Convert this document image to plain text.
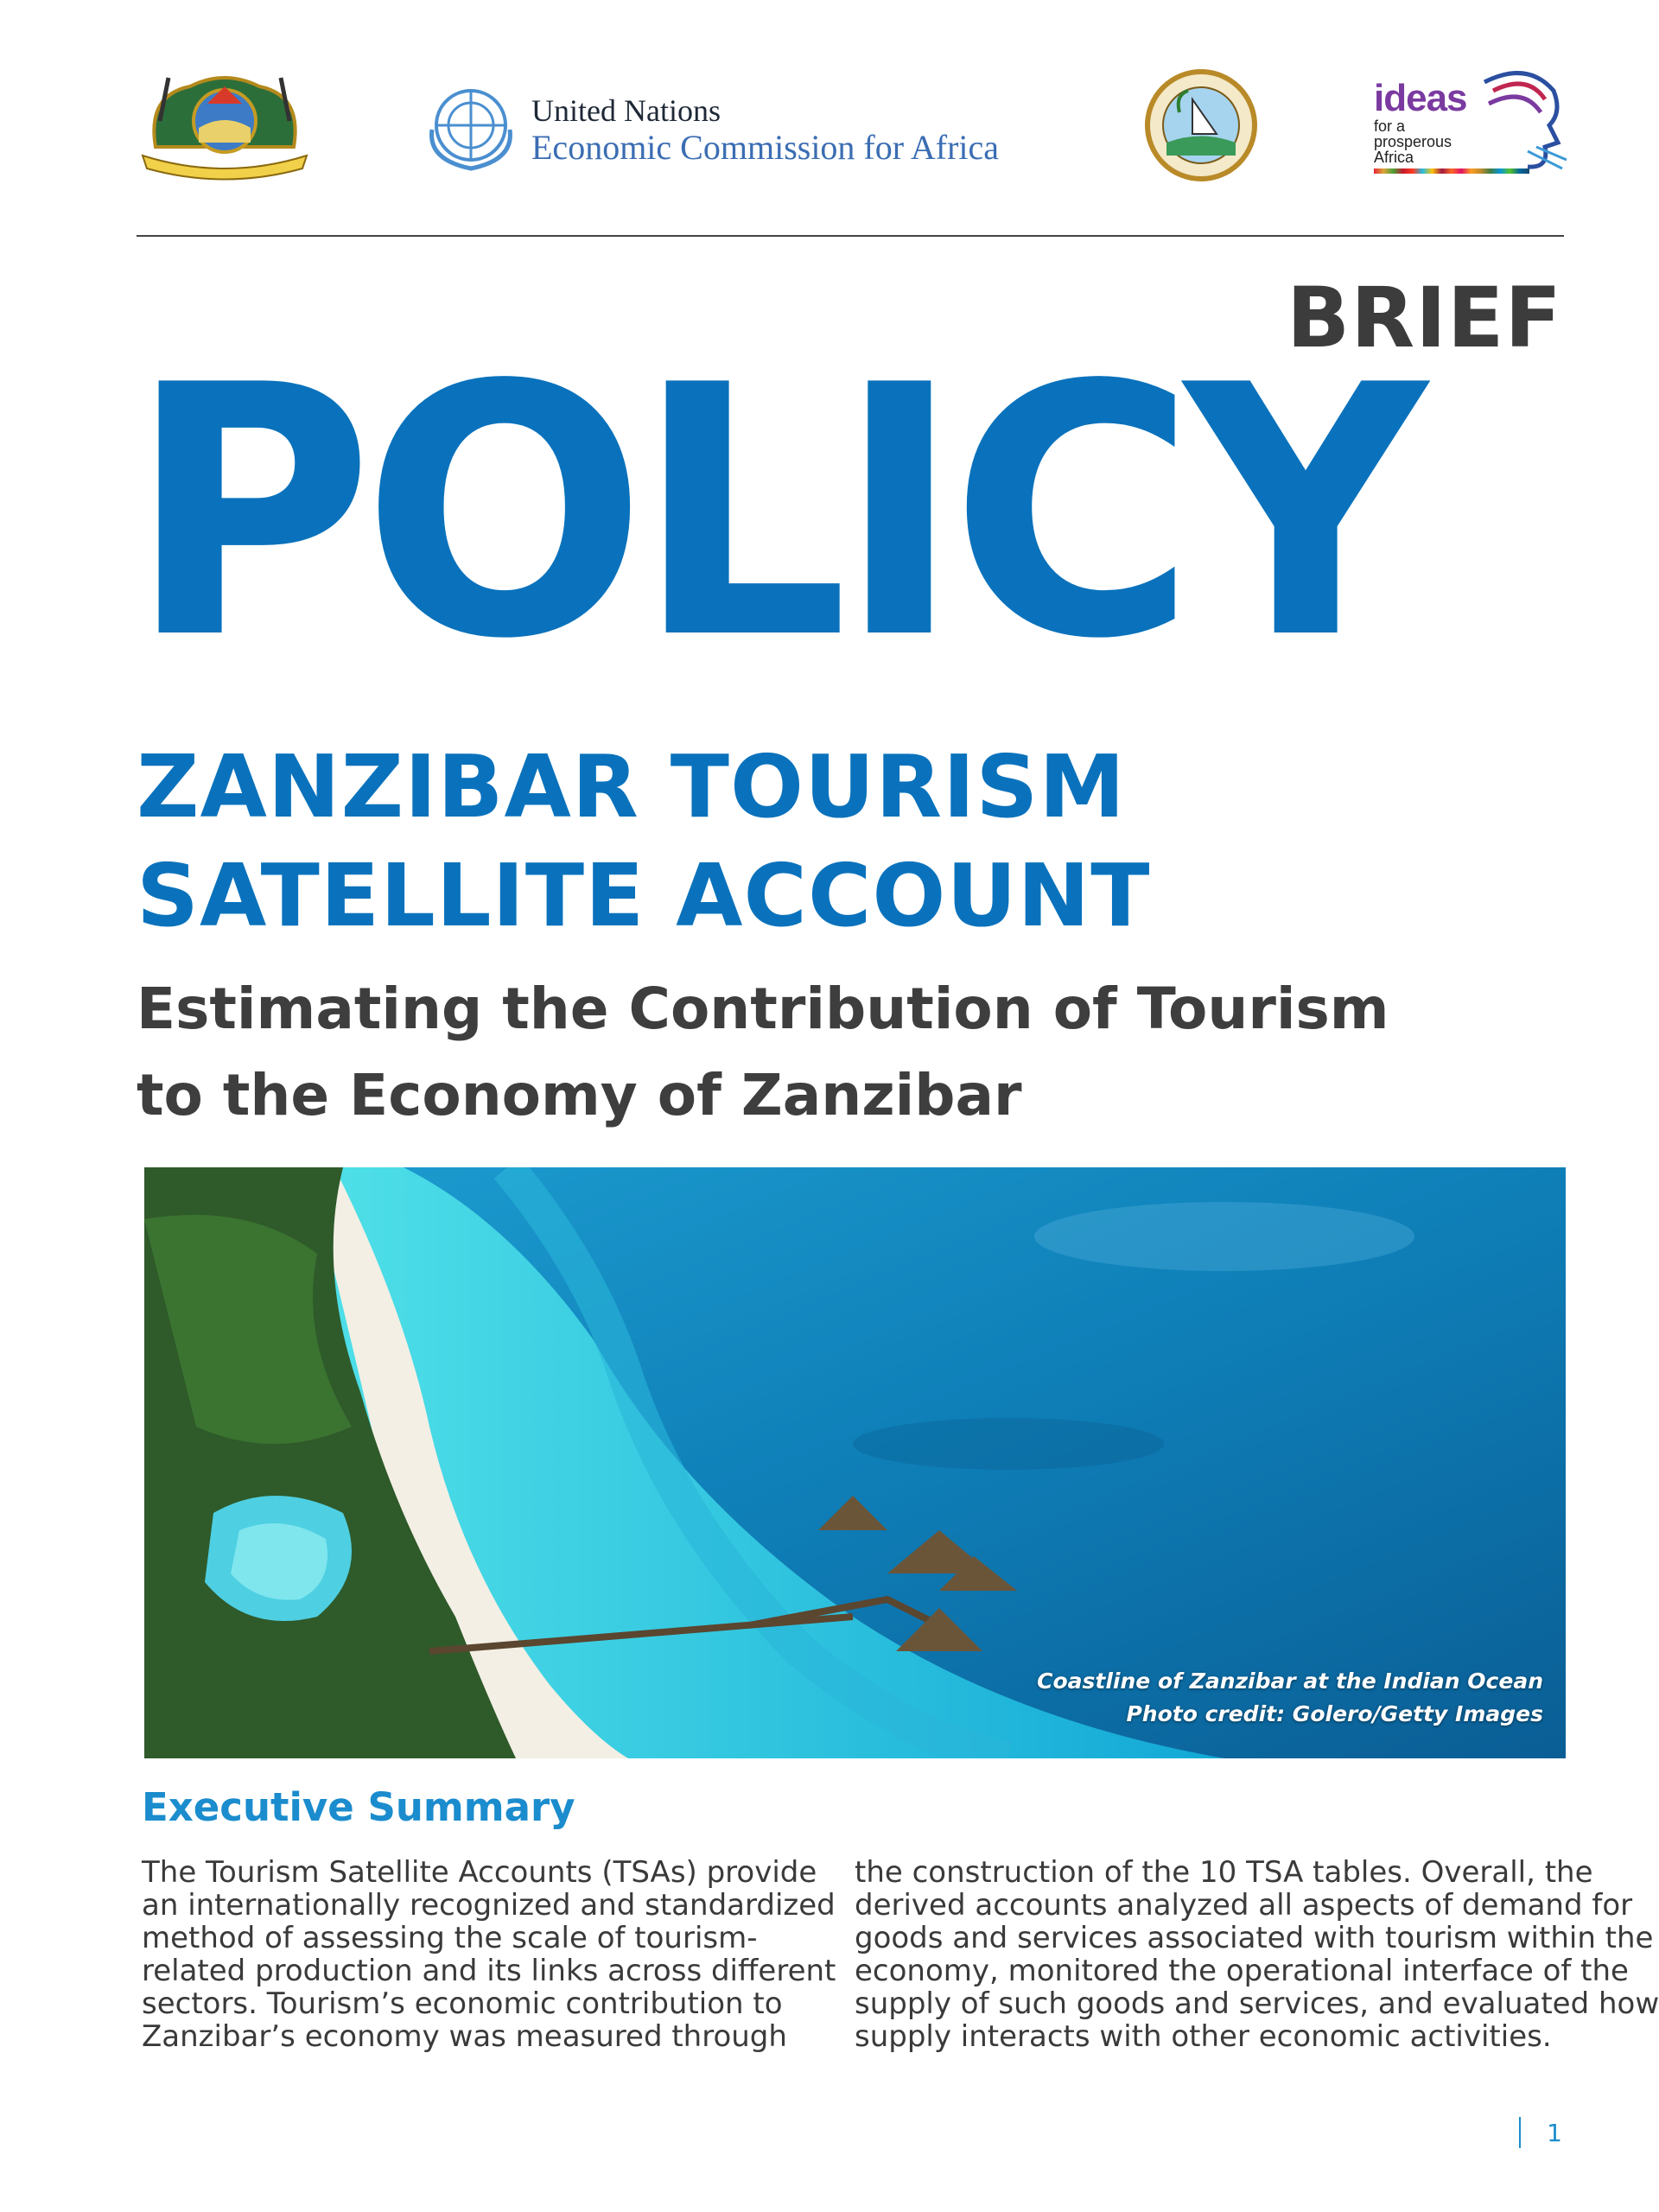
United Nations
Economic Commission for Africa
ideas
for a
prosperous
Africa
BRIEF
POLICY
ZANZIBAR TOURISM
SATELLITE ACCOUNT
Estimating the Contribution of Tourism
to the Economy of Zanzibar
Coastline of Zanzibar at the Indian Ocean
Photo credit: Golero/Getty Images
Executive Summary
The Tourism Satellite Accounts (TSAs) provide
an internationally recognized and standardized
method of assessing the scale of tourism-
related production and its links across different
sectors. Tourism’s economic contribution to
Zanzibar’s economy was measured through
the construction of the 10 TSA tables. Overall, the
derived accounts analyzed all aspects of demand for
goods and services associated with tourism within the
economy, monitored the operational interface of the
supply of such goods and services, and evaluated how
supply interacts with other economic activities.
1
